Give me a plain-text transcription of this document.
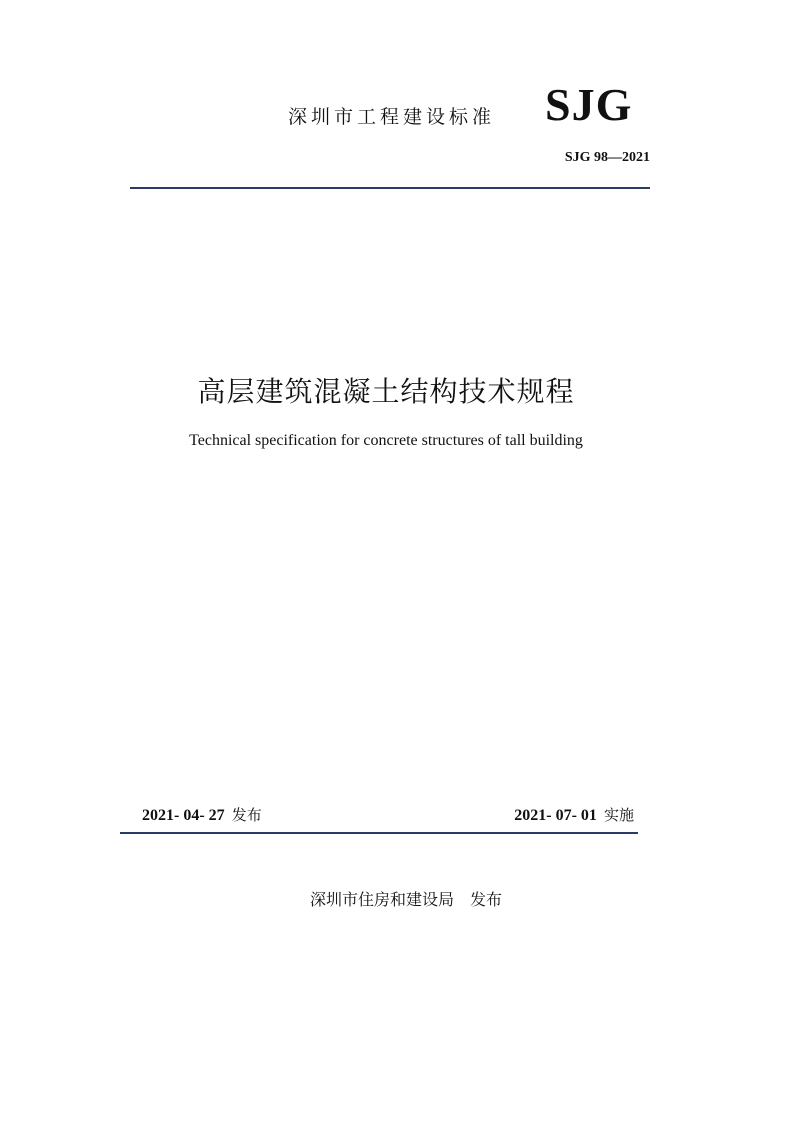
深圳市工程建设标准 SJG
SJG 98—2021
高层建筑混凝土结构技术规程
Technical specification for concrete structures of tall building
2021- 04- 27 发布	2021- 07- 01 实施
深圳市住房和建设局　发布
